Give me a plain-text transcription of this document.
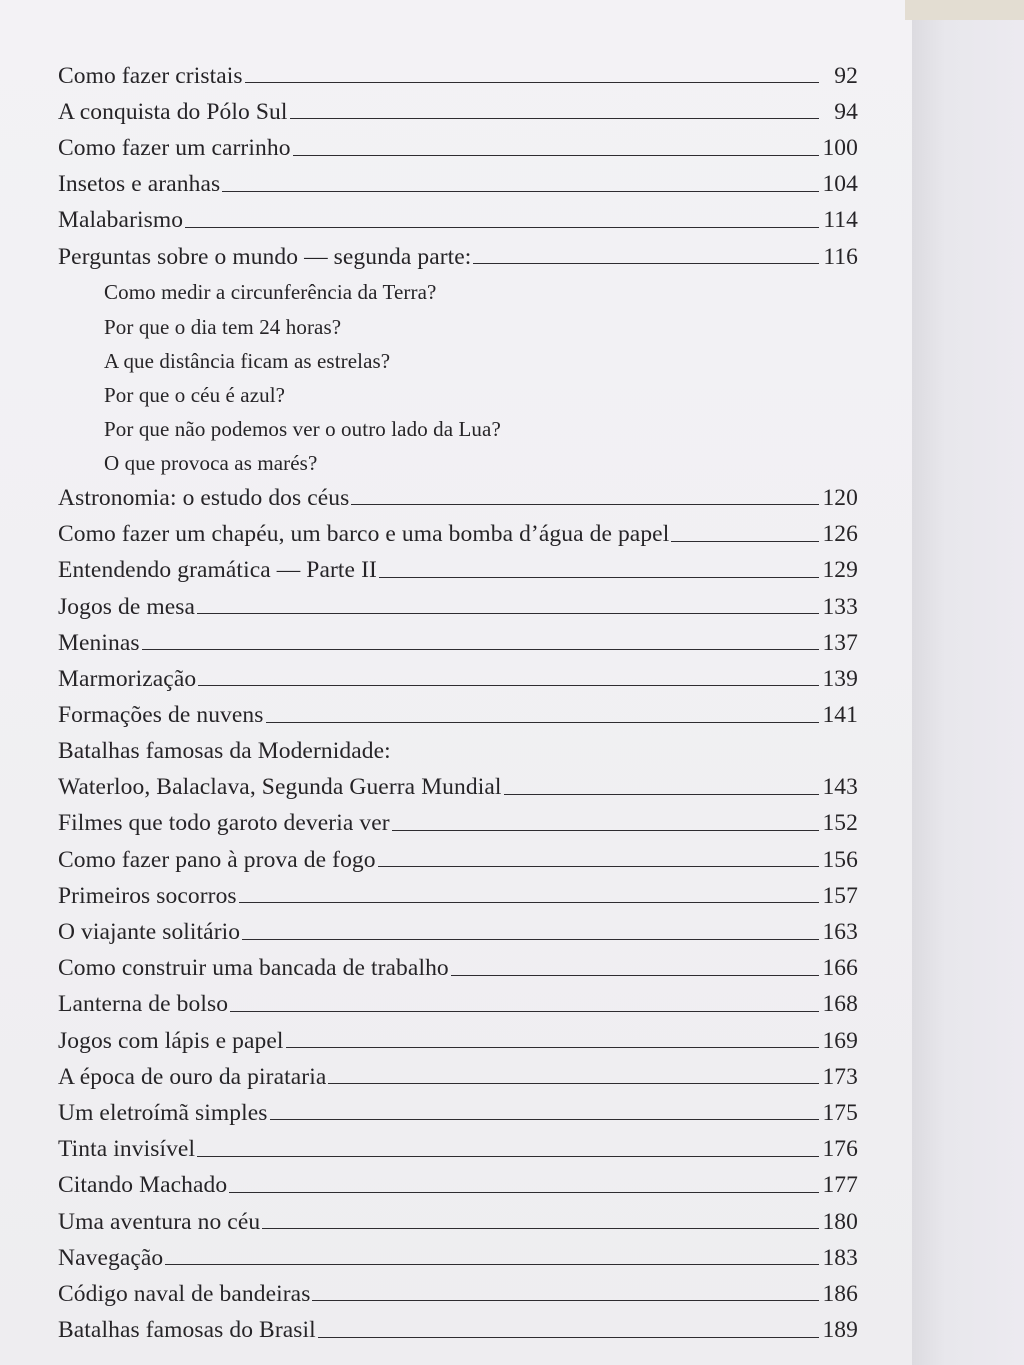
Como fazer cristais	92
A conquista do Pólo Sul	94
Como fazer um carrinho	100
Insetos e aranhas	104
Malabarismo	114
Perguntas sobre o mundo — segunda parte:	116
Como medir a circunferência da Terra?
Por que o dia tem 24 horas?
A que distância ficam as estrelas?
Por que o céu é azul?
Por que não podemos ver o outro lado da Lua?
O que provoca as marés?
Astronomia: o estudo dos céus	120
Como fazer um chapéu, um barco e uma bomba d’água de papel	126
Entendendo gramática — Parte II	129
Jogos de mesa	133
Meninas	137
Marmorização	139
Formações de nuvens	141
Batalhas famosas da Modernidade:
Waterloo, Balaclava, Segunda Guerra Mundial	143
Filmes que todo garoto deveria ver	152
Como fazer pano à prova de fogo	156
Primeiros socorros	157
O viajante solitário	163
Como construir uma bancada de trabalho	166
Lanterna de bolso	168
Jogos com lápis e papel	169
A época de ouro da pirataria	173
Um eletroímã simples	175
Tinta invisível	176
Citando Machado	177
Uma aventura no céu	180
Navegação	183
Código naval de bandeiras	186
Batalhas famosas do Brasil	189
